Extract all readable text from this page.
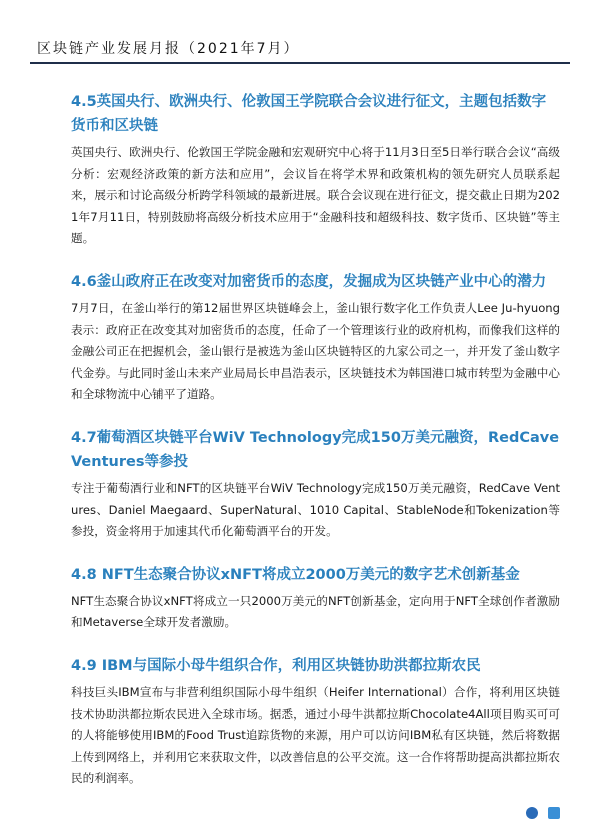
区块链产业发展月报（2021年7月）
4.5英国央行、欧洲央行、伦敦国王学院联合会议进行征文，主题包括数字货币和区块链

英国央行、欧洲央行、伦敦国王学院金融和宏观研究中心将于11月3日至5日举行联合会议“高级分析：宏观经济政策的新方法和应用”，会议旨在将学术界和政策机构的领先研究人员联系起来，展示和讨论高级分析跨学科领域的最新进展。联合会议现在进行征文，提交截止日期为2021年7月11日，特别鼓励将高级分析技术应用于“金融科技和超级科技、数字货币、区块链”等主题。

4.6釜山政府正在改变对加密货币的态度，发掘成为区块链产业中心的潜力

7月7日，在釜山举行的第12届世界区块链峰会上，釜山银行数字化工作负责人Lee Ju-hyuong表示：政府正在改变其对加密货币的态度，任命了一个管理该行业的政府机构，而像我们这样的金融公司正在把握机会，釜山银行是被选为釜山区块链特区的九家公司之一，并开发了釜山数字代金券。与此同时釜山未来产业局局长申昌浩表示，区块链技术为韩国港口城市转型为金融中心和全球物流中心铺平了道路。

4.7葡萄酒区块链平台WiV Technology完成150万美元融资，RedCave Ventures等参投

专注于葡萄酒行业和NFT的区块链平台WiV Technology完成150万美元融资，RedCave Ventures、Daniel Maegaard、SuperNatural、1010 Capital、StableNode和Tokenization等参投，资金将用于加速其代币化葡萄酒平台的开发。

4.8 NFT生态聚合协议xNFT将成立2000万美元的数字艺术创新基金

NFT生态聚合协议xNFT将成立一只2000万美元的NFT创新基金，定向用于NFT全球创作者激励和Metaverse全球开发者激励。

4.9 IBM与国际小母牛组织合作，利用区块链协助洪都拉斯农民

科技巨头IBM宣布与非营利组织国际小母牛组织（Heifer International）合作，将利用区块链技术协助洪都拉斯农民进入全球市场。据悉，通过小母牛洪都拉斯Chocolate4All项目购买可可的人将能够使用IBM的Food Trust追踪货物的来源，用户可以访问IBM私有区块链，然后将数据上传到网络上，并利用它来获取文件，以改善信息的公平交流。这一合作将帮助提高洪都拉斯农民的利润率。
